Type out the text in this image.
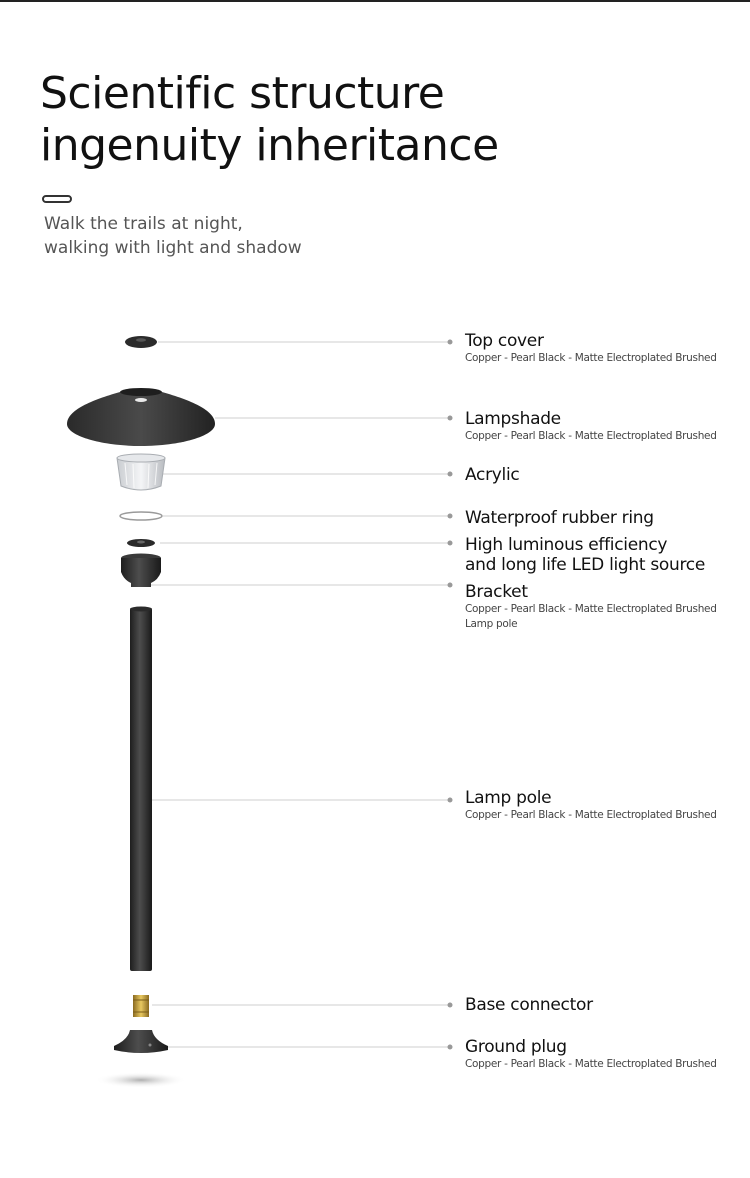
Scientific structure
ingenuity inheritance
Walk the trails at night,
walking with light and shadow
Top cover
Copper - Pearl Black - Matte Electroplated Brushed
Lampshade
Copper - Pearl Black - Matte Electroplated Brushed
Acrylic
Waterproof rubber ring
High luminous efficiency
and long life LED light source
Bracket
Copper - Pearl Black - Matte Electroplated Brushed
Lamp pole
Lamp pole
Copper - Pearl Black - Matte Electroplated Brushed
Base connector
Ground plug
Copper - Pearl Black - Matte Electroplated Brushed
